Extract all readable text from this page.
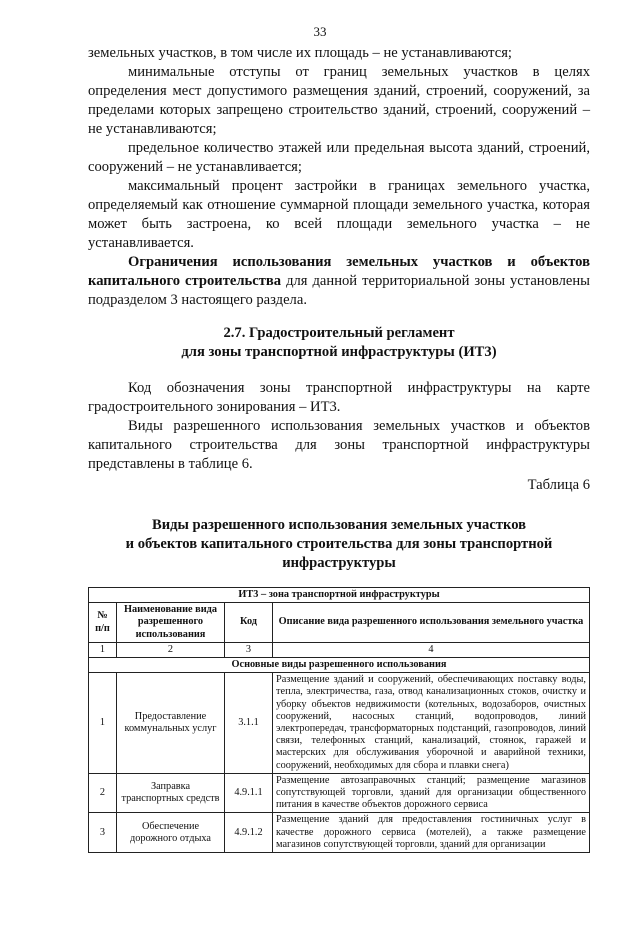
33

земельных участков, в том числе их площадь – не устанавливаются;

минимальные отступы от границ земельных участков в целях определения мест допустимого размещения зданий, строений, сооружений, за пределами которых запрещено строительство зданий, строений, сооружений – не устанавливаются;

предельное количество этажей или предельная высота зданий, строений, сооружений – не устанавливается;

максимальный процент застройки в границах земельного участка, определяемый как отношение суммарной площади земельного участка, которая может быть застроена, ко всей площади земельного участка – не устанавливается.

Ограничения использования земельных участков и объектов капитального строительства для данной территориальной зоны установлены подразделом 3 настоящего раздела.

2.7. Градостроительный регламент

для зоны транспортной инфраструктуры (ИТ3)

Код обозначения зоны транспортной инфраструктуры на карте градостроительного зонирования – ИТ3.

Виды разрешенного использования земельных участков и объектов капитального строительства для зоны транспортной инфраструктуры представлены в таблице 6.

Таблица 6

Виды разрешенного использования земельных участков

и объектов капитального строительства для зоны транспортной

инфраструктуры

ИТ3 – зона транспортной инфраструктуры			
№ п/п	Наименование вида разрешенного использования	Код	Описание вида разрешенного использования земельного участка
1	2	3	4
Основные виды разрешенного использования			
1	Предоставление коммунальных услуг	3.1.1	Размещение зданий и сооружений, обеспечивающих поставку воды, тепла, электричества, газа, отвод канализационных стоков, очистку и уборку объектов недвижимости (котельных, водозаборов, очистных сооружений, насосных станций, водопроводов, линий электропередач, трансформаторных подстанций, газопроводов, линий связи, телефонных станций, канализаций, стоянок, гаражей и мастерских для обслуживания уборочной и аварийной техники, сооружений, необходимых для сбора и плавки снега)
2	Заправка транспортных средств	4.9.1.1	Размещение автозаправочных станций; размещение магазинов сопутствующей торговли, зданий для организации общественного питания в качестве объектов дорожного сервиса
3	Обеспечение дорожного отдыха	4.9.1.2	Размещение зданий для предоставления гостиничных услуг в качестве дорожного сервиса (мотелей), а также размещение магазинов сопутствующей торговли, зданий для организации
